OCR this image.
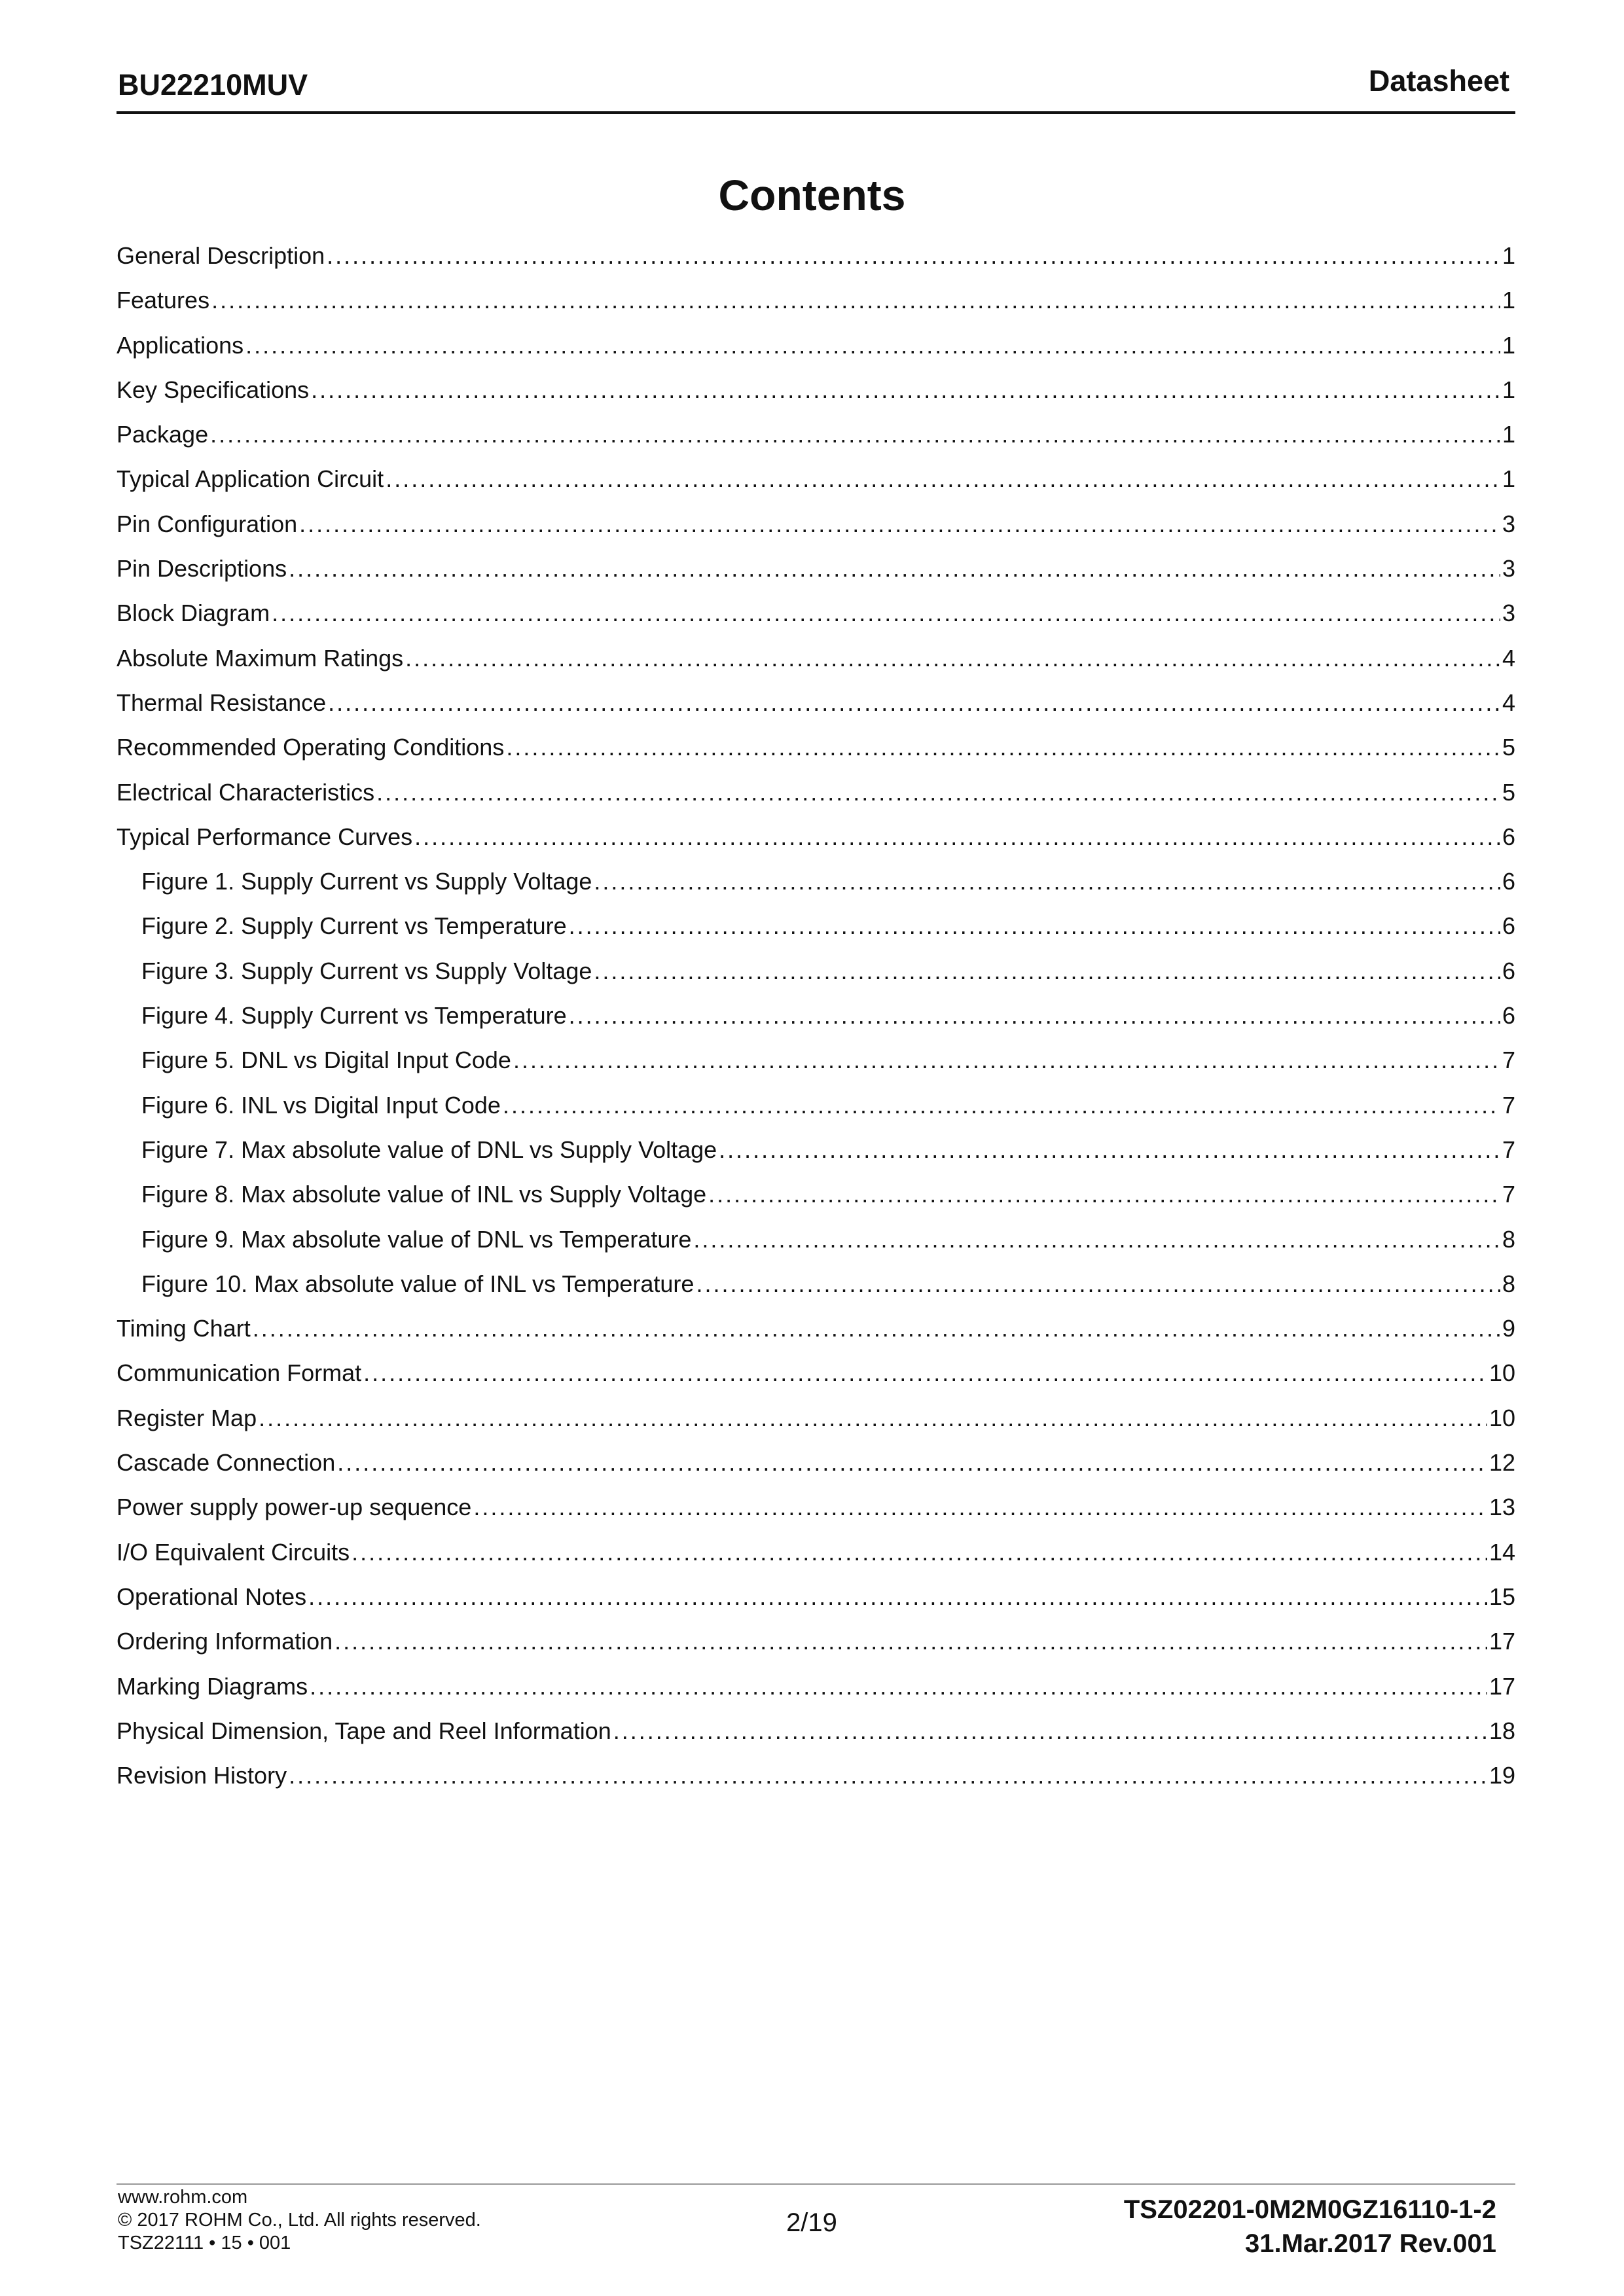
BU22210MUV	Datasheet
Contents
General Description .....	1
Features .....	1
Applications .....	1
Key Specifications .....	1
Package .....	1
Typical Application Circuit .....	1
Pin Configuration .....	3
Pin Descriptions .....	3
Block Diagram .....	3
Absolute Maximum Ratings .....	4
Thermal Resistance .....	4
Recommended Operating Conditions .....	5
Electrical Characteristics .....	5
Typical Performance Curves .....	6
Figure 1. Supply Current vs Supply Voltage .....	6
Figure 2. Supply Current vs Temperature .....	6
Figure 3. Supply Current vs Supply Voltage .....	6
Figure 4. Supply Current vs Temperature .....	6
Figure 5. DNL vs Digital Input Code .....	7
Figure 6. INL vs Digital Input Code .....	7
Figure 7. Max absolute value of DNL vs Supply Voltage .....	7
Figure 8. Max absolute value of INL vs Supply Voltage .....	7
Figure 9. Max absolute value of DNL vs Temperature .....	8
Figure 10. Max absolute value of INL vs Temperature .....	8
Timing Chart .....	9
Communication Format .....	10
Register Map .....	10
Cascade Connection .....	12
Power supply power-up sequence .....	13
I/O Equivalent Circuits .....	14
Operational Notes .....	15
Ordering Information .....	17
Marking Diagrams .....	17
Physical Dimension, Tape and Reel Information .....	18
Revision History .....	19
www.rohm.com
© 2017 ROHM Co., Ltd. All rights reserved.
TSZ22111 • 15 • 001
2/19	TSZ02201-0M2M0GZ16110-1-2
31.Mar.2017 Rev.001
